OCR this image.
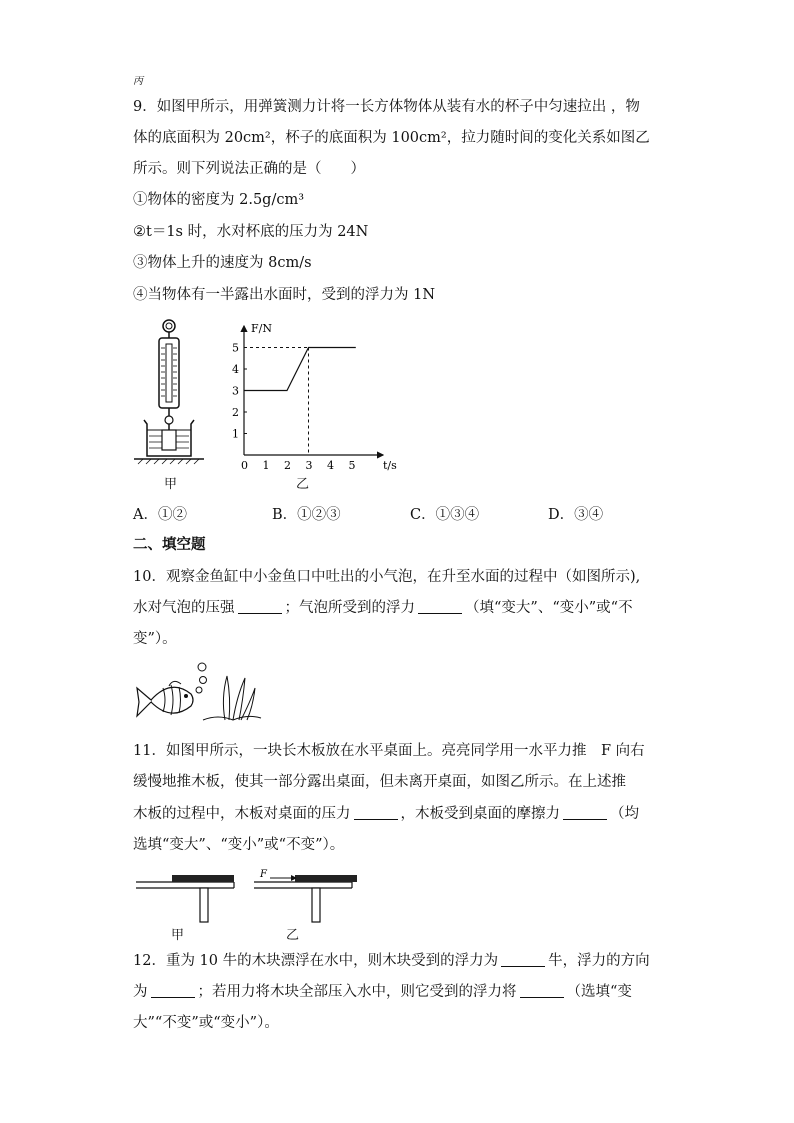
丙
9．如图甲所示，用弹簧测力计将一长方体物体从装有水的杯子中匀速拉出 ，物
体的底面积为 20cm²，杯子的底面积为 100cm²，拉力随时间的变化关系如图乙
所示。则下列说法正确的是（　　）
①物体的密度为 2.5g/cm³
②t＝1s 时，水对杯底的压力为 24N
③物体上升的速度为 8cm/s
④当物体有一半露出水面时，受到的浮力为 1N
甲
F/N
t/s
0 1 2 3 4 5
1
2
3
4
5
乙
A．①②	B．①②③	C．①③④	D．③④
二、填空题
10．观察金鱼缸中小金鱼口中吐出的小气泡，在升至水面的过程中（如图所示),
水对气泡的压强	；气泡所受到的浮力	（填“变大”、“变小”或“不
变”）。
11．如图甲所示，一块长木板放在水平桌面上。亮亮同学用一水平力推　F 向右
缓慢地推木板，使其一部分露出桌面，但未离开桌面，如图乙所示。在上述推
木板的过程中，木板对桌面的压力	，木板受到桌面的摩擦力	（均
选填“变大”、“变小”或“不变”）。
F
甲	乙
12．重为 10 牛的木块漂浮在水中，则木块受到的浮力为	牛，浮力的方向
为	；若用力将木块全部压入水中，则它受到的浮力将	（选填“变
大”“不变”或“变小”）。
